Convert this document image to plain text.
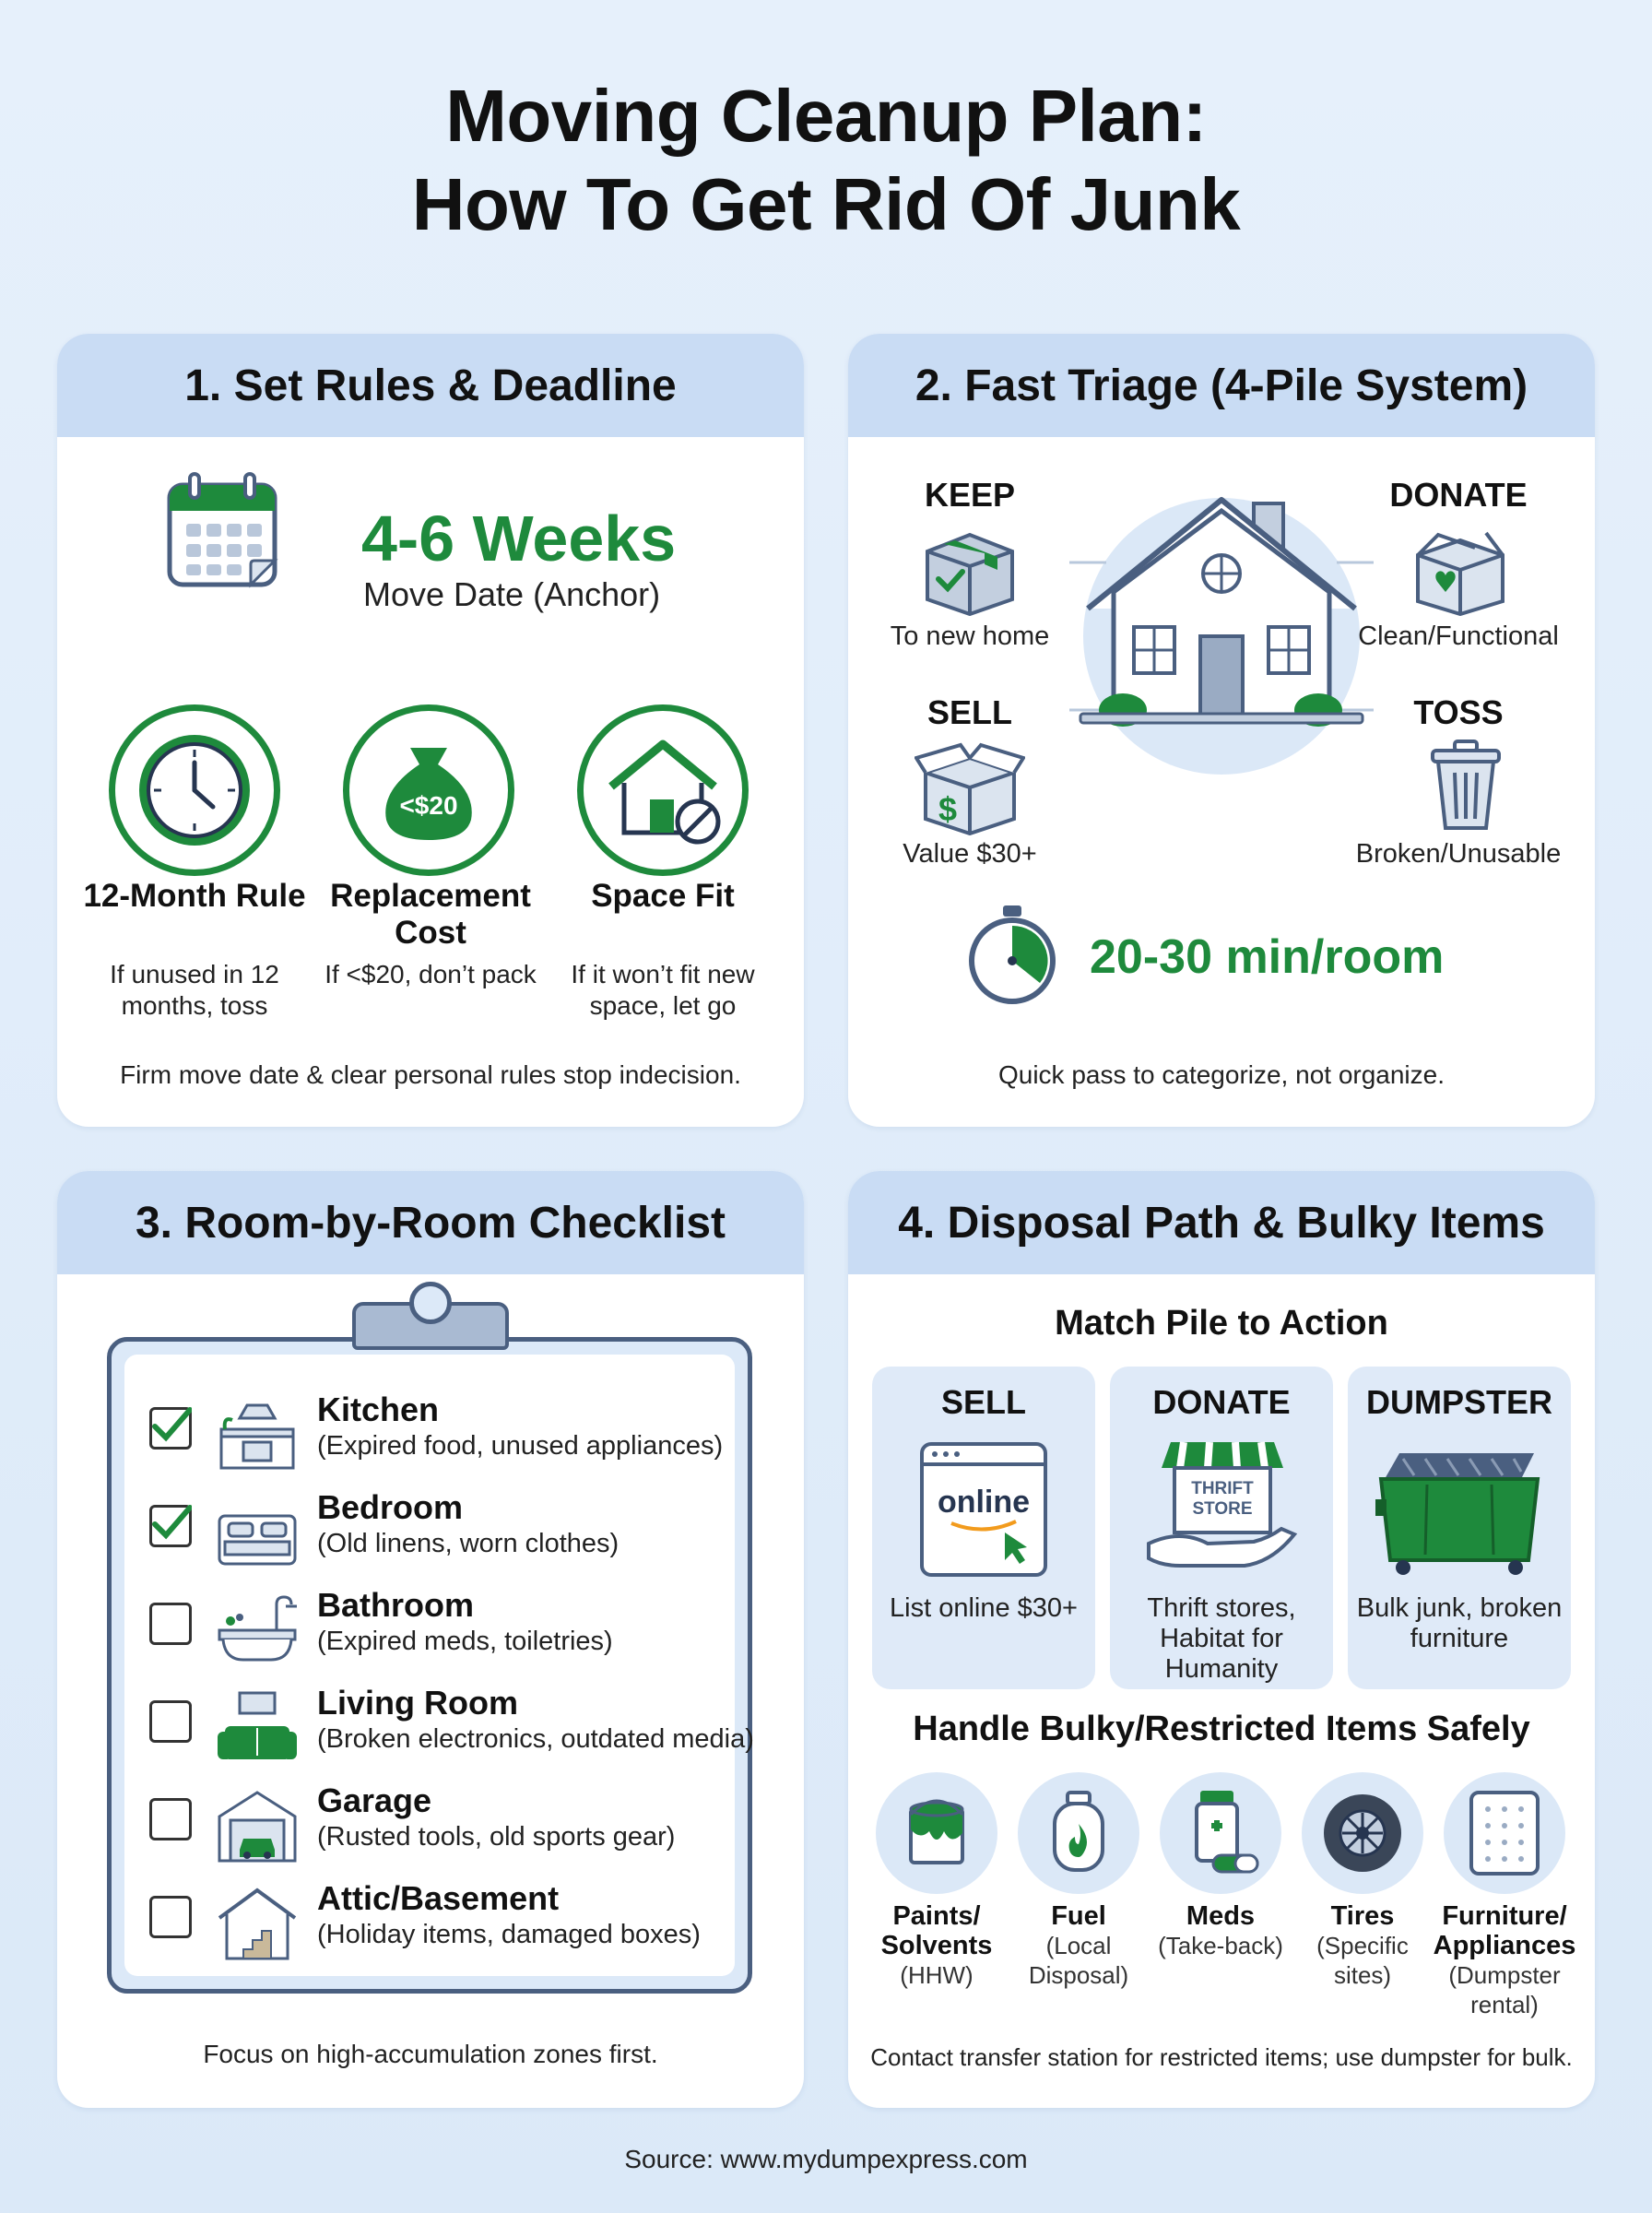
Moving Cleanup Plan:
How To Get Rid Of Junk
1. Set Rules & Deadline
4-6 Weeks
Move Date (Anchor)
12-Month Rule
If unused in 12 months, toss
<$20
Replacement Cost
If <$20, don’t pack
Space Fit
If it won’t fit new space, let go
Firm move date & clear personal rules stop indecision.
2. Fast Triage (4-Pile System)
KEEP
To new home
DONATE
Clean/Functional
SELL
$
Value $30+
TOSS
Broken/Unusable
20-30 min/room
Quick pass to categorize, not organize.
3. Room-by-Room Checklist
Kitchen
(Expired food, unused appliances)
Bedroom
(Old linens, worn clothes)
Bathroom
(Expired meds, toiletries)
Living Room
(Broken electronics, outdated media)
Garage
(Rusted tools, old sports gear)
Attic/Basement
(Holiday items, damaged boxes)
Focus on high-accumulation zones first.
4. Disposal Path & Bulky Items
Match Pile to Action
SELL
online
List online $30+
DONATE
THRIFT
STORE
Thrift stores, Habitat for Humanity
DUMPSTER
Bulk junk, broken furniture
Handle Bulky/Restricted Items Safely
Paints/ Solvents
(HHW)
Fuel
(Local Disposal)
Meds
(Take-back)
Tires
(Specific sites)
Furniture/ Appliances
(Dumpster rental)
Contact transfer station for restricted items; use dumpster for bulk.
Source: www.mydumpexpress.com
